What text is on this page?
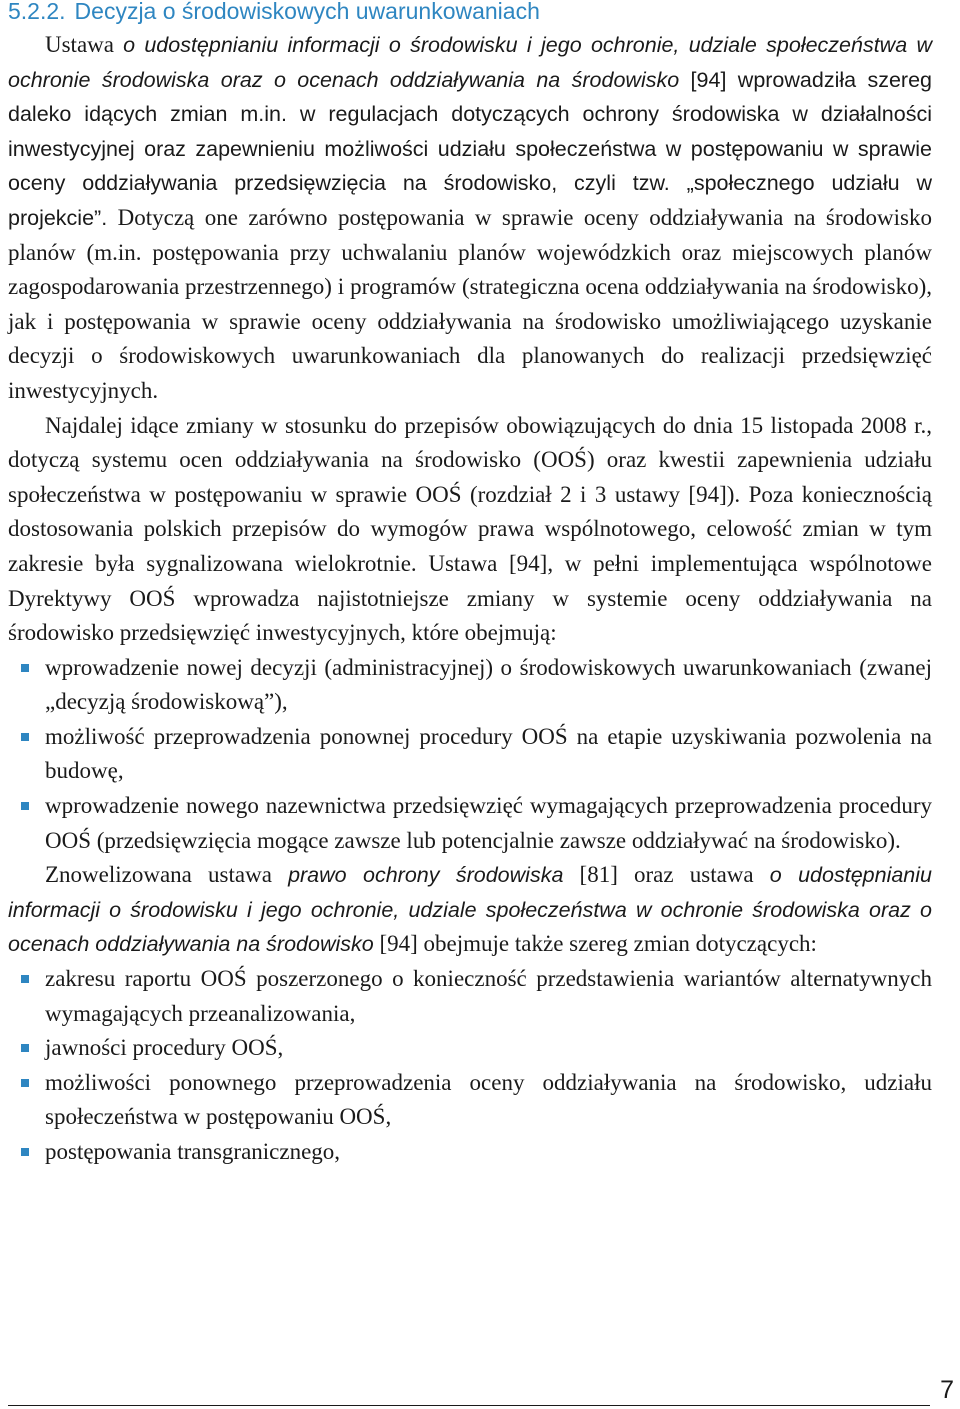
5.2.2. Decyzja o środowiskowych uwarunkowaniach

Ustawa o udostępnianiu informacji o środowisku i jego ochronie, udziale społeczeństwa w ochronie środowiska oraz o ocenach oddziaływania na środowisko [94] wprowadziła szereg daleko idących zmian m.in. w regulacjach dotyczących ochrony środowiska w działalności inwestycyjnej oraz zapewnieniu możliwości udziału społeczeństwa w postępowaniu w sprawie oceny oddziaływania przedsięwzięcia na środowisko, czyli tzw. „społecznego udziału w projekcie”. Dotyczą one zarówno postępowania w sprawie oceny oddziaływania na środowisko planów (m.in. postępowania przy uchwalaniu planów wojewódzkich oraz miejscowych planów zagospodarowania przestrzennego) i programów (strategiczna ocena oddziaływania na środowisko), jak i postępowania w sprawie oceny oddziaływania na środowisko umożliwiającego uzyskanie decyzji o środowiskowych uwarunkowaniach dla planowanych do realizacji przedsięwzięć inwestycyjnych.

Najdalej idące zmiany w stosunku do przepisów obowiązujących do dnia 15 listopada 2008 r., dotyczą systemu ocen oddziaływania na środowisko (OOŚ) oraz kwestii zapewnienia udziału społeczeństwa w postępowaniu w sprawie OOŚ (rozdział 2 i 3 ustawy [94]). Poza koniecznością dostosowania polskich przepisów do wymogów prawa wspólnotowego, celowość zmian w tym zakresie była sygnalizowana wielokrotnie. Ustawa [94], w pełni implementująca wspólnotowe Dyrektywy OOŚ wprowadza najistotniejsze zmiany w systemie oceny oddziaływania na środowisko przedsięwzięć inwestycyjnych, które obejmują:

wprowadzenie nowej decyzji (administracyjnej) o środowiskowych uwarunkowaniach (zwanej „decyzją środowiskową”),
możliwość przeprowadzenia ponownej procedury OOŚ na etapie uzyskiwania pozwolenia na budowę,
wprowadzenie nowego nazewnictwa przedsięwzięć wymagających przeprowadzenia procedury OOŚ (przedsięwzięcia mogące zawsze lub potencjalnie zawsze oddziaływać na środowisko).

Znowelizowana ustawa prawo ochrony środowiska [81] oraz ustawa o udostępnianiu informacji o środowisku i jego ochronie, udziale społeczeństwa w ochronie środowiska oraz o ocenach oddziaływania na środowisko [94] obejmuje także szereg zmian dotyczących:

zakresu raportu OOŚ poszerzonego o konieczność przedstawienia wariantów alternatywnych wymagających przeanalizowania,
jawności procedury OOŚ,
możliwości ponownego przeprowadzenia oceny oddziaływania na środowisko, udziału społeczeństwa w postępowaniu OOŚ,
postępowania transgranicznego,
7
